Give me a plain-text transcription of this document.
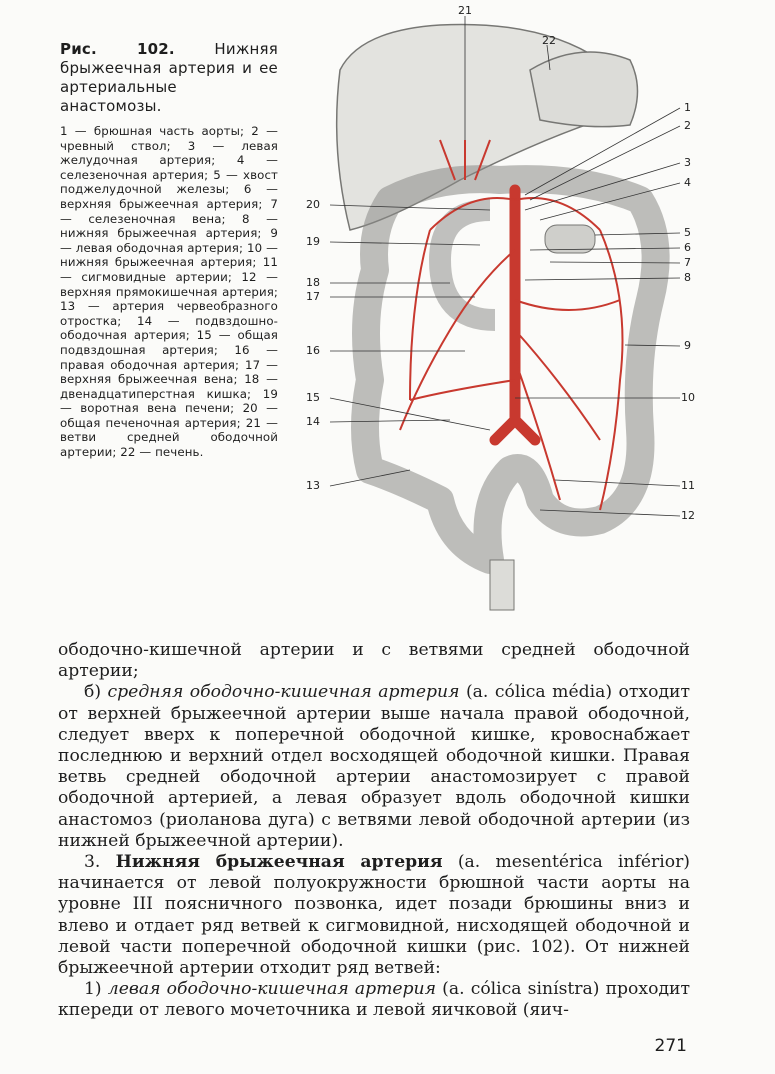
Рис. 102.	Нижняя брыжеечная артерия и ее артериальные анастомозы.

1 — брюшная часть аорты; 2 — чревный ствол; 3 — левая желудочная артерия; 4 — селезеночная артерия; 5 — хвост поджелудочной железы; 6 — верхняя брыжеечная артерия; 7 — селезеночная вена; 8 — нижняя брыжеечная артерия; 9 — левая ободочная артерия; 10 — нижняя брыжеечная артерия; 11 — сигмовидные артерии; 12 — верхняя прямокишечная артерия; 13 — артерия червеобразного отростка; 14 — подвздошно-ободочная артерия; 15 — общая подвздошная артерия; 16 — правая ободочная артерия; 17 — верхняя брыжеечная вена; 18 — двенадцатиперстная кишка; 19 — воротная вена печени; 20 — общая печеночная артерия; 21 — ветви средней ободочной артерии; 22 — печень.

21
22
1
2
3
4
5
6
7
8
9
10
11
12
20
19
18
17
16
15
14
13

ободочно-кишечной артерии и с ветвями средней ободочной артерии;

б) средняя ободочно-кишечная артерия (a. cólica média) отходит от верхней брыжеечной артерии выше начала правой ободочной, следует вверх к поперечной ободочной кишке, кровоснабжает последнюю и верхний отдел восходящей ободочной кишки. Правая ветвь средней ободочной артерии анастомозирует с правой ободочной артерией, а левая образует вдоль ободочной кишки анастомоз (риоланова дуга) с ветвями левой ободочной артерии (из нижней брыжеечной артерии).

3. Нижняя брыжеечная артерия (a. mesentérica inférior) начинается от левой полуокружности брюшной части аорты на уровне III поясничного позвонка, идет позади брюшины вниз и влево и отдает ряд ветвей к сигмовидной, нисходящей ободочной и левой части поперечной ободочной кишки (рис. 102). От нижней брыжеечной артерии отходит ряд ветвей:

1) левая ободочно-кишечная артерия (a. cólica sinístra) проходит кпереди от левого мочеточника и левой яичковой (яич-

271
